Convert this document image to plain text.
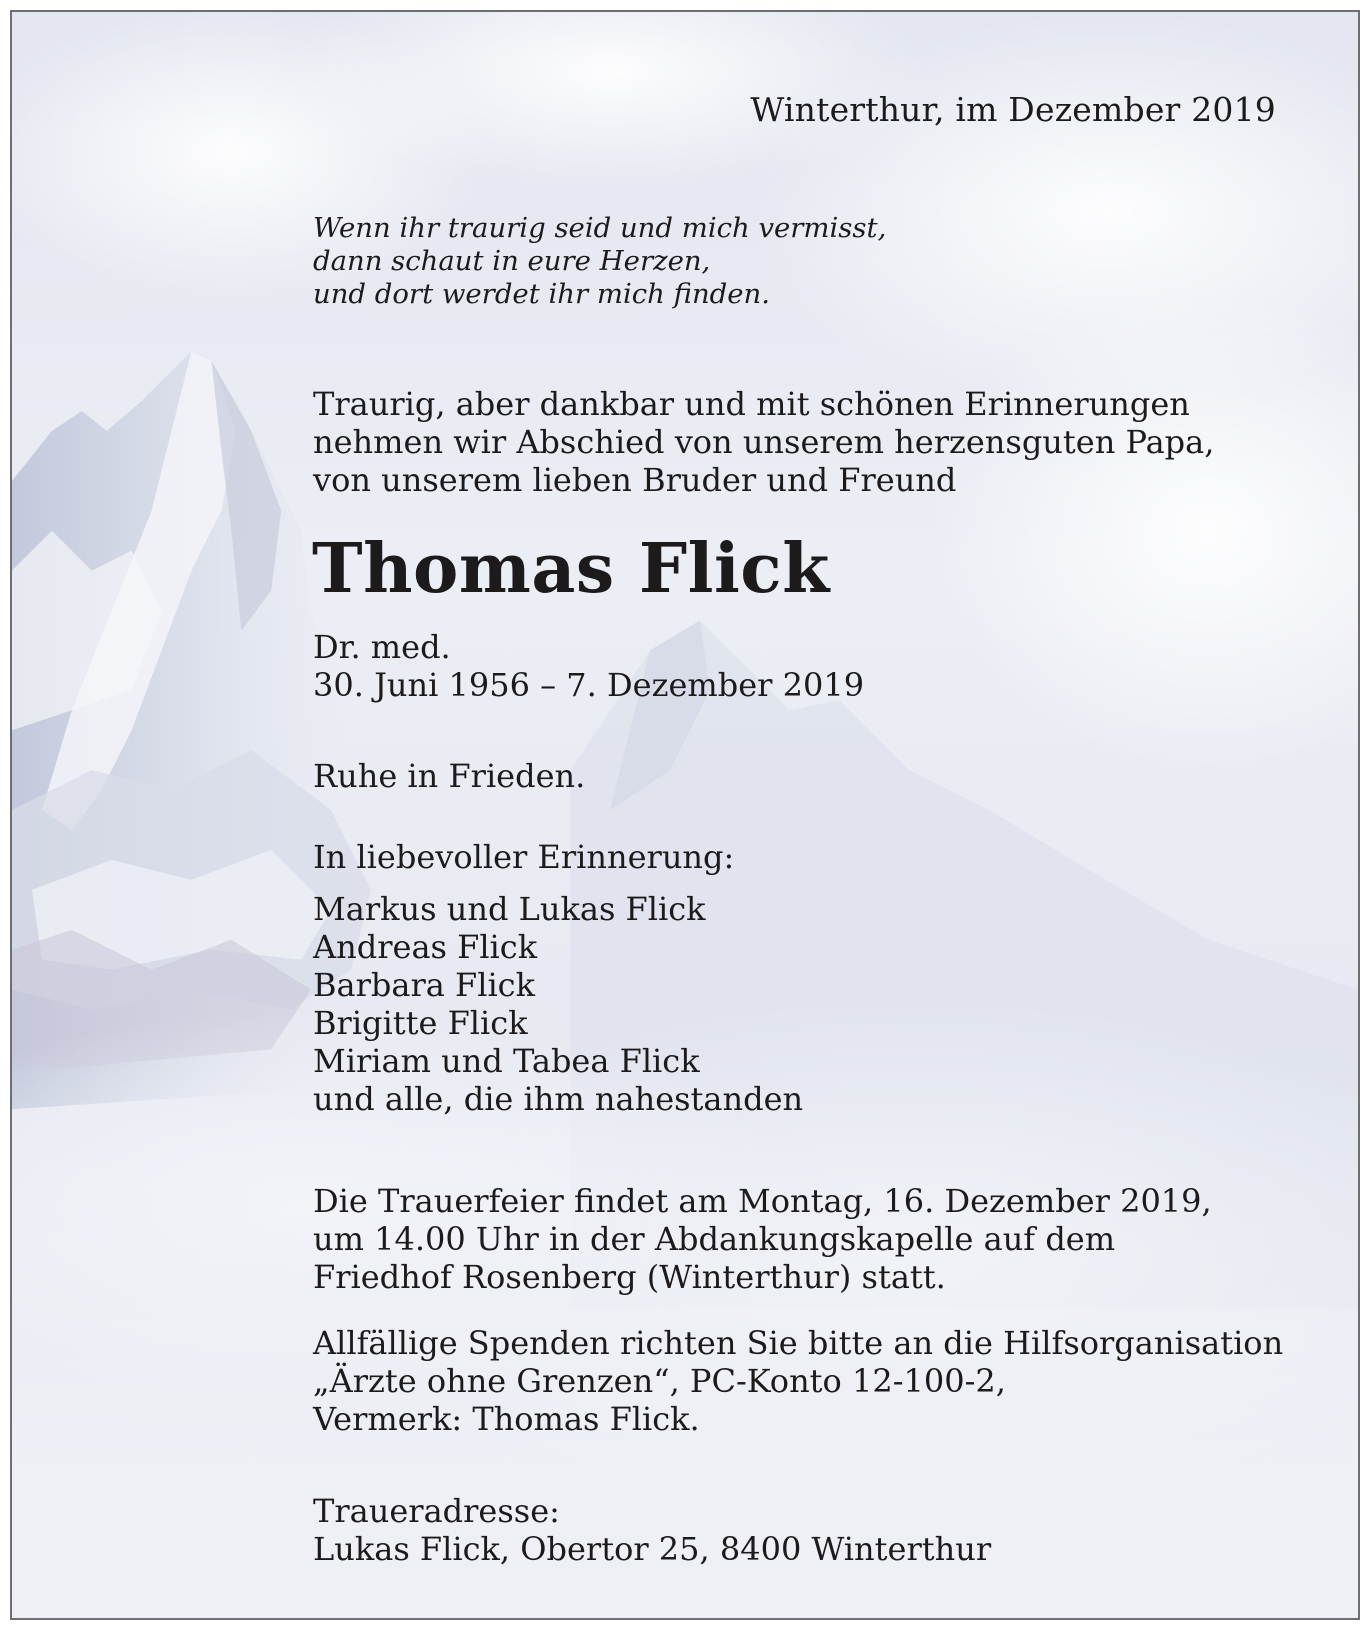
Winterthur, im Dezember 2019
Wenn ihr traurig seid und mich vermisst,
dann schaut in eure Herzen,
und dort werdet ihr mich finden.
Traurig, aber dankbar und mit schönen Erinnerungen
nehmen wir Abschied von unserem herzensguten Papa,
von unserem lieben Bruder und Freund
Thomas Flick
Dr. med.
30. Juni 1956 – 7. Dezember 2019
Ruhe in Frieden.
In liebevoller Erinnerung:
Markus und Lukas Flick
Andreas Flick
Barbara Flick
Brigitte Flick
Miriam und Tabea Flick
und alle, die ihm nahestanden
Die Trauerfeier findet am Montag, 16. Dezember 2019,
um 14.00 Uhr in der Abdankungskapelle auf dem
Friedhof Rosenberg (Winterthur) statt.
Allfällige Spenden richten Sie bitte an die Hilfsorganisation
„Ärzte ohne Grenzen“, PC-Konto 12-100-2,
Vermerk: Thomas Flick.
Traueradresse:
Lukas Flick, Obertor 25, 8400 Winterthur
